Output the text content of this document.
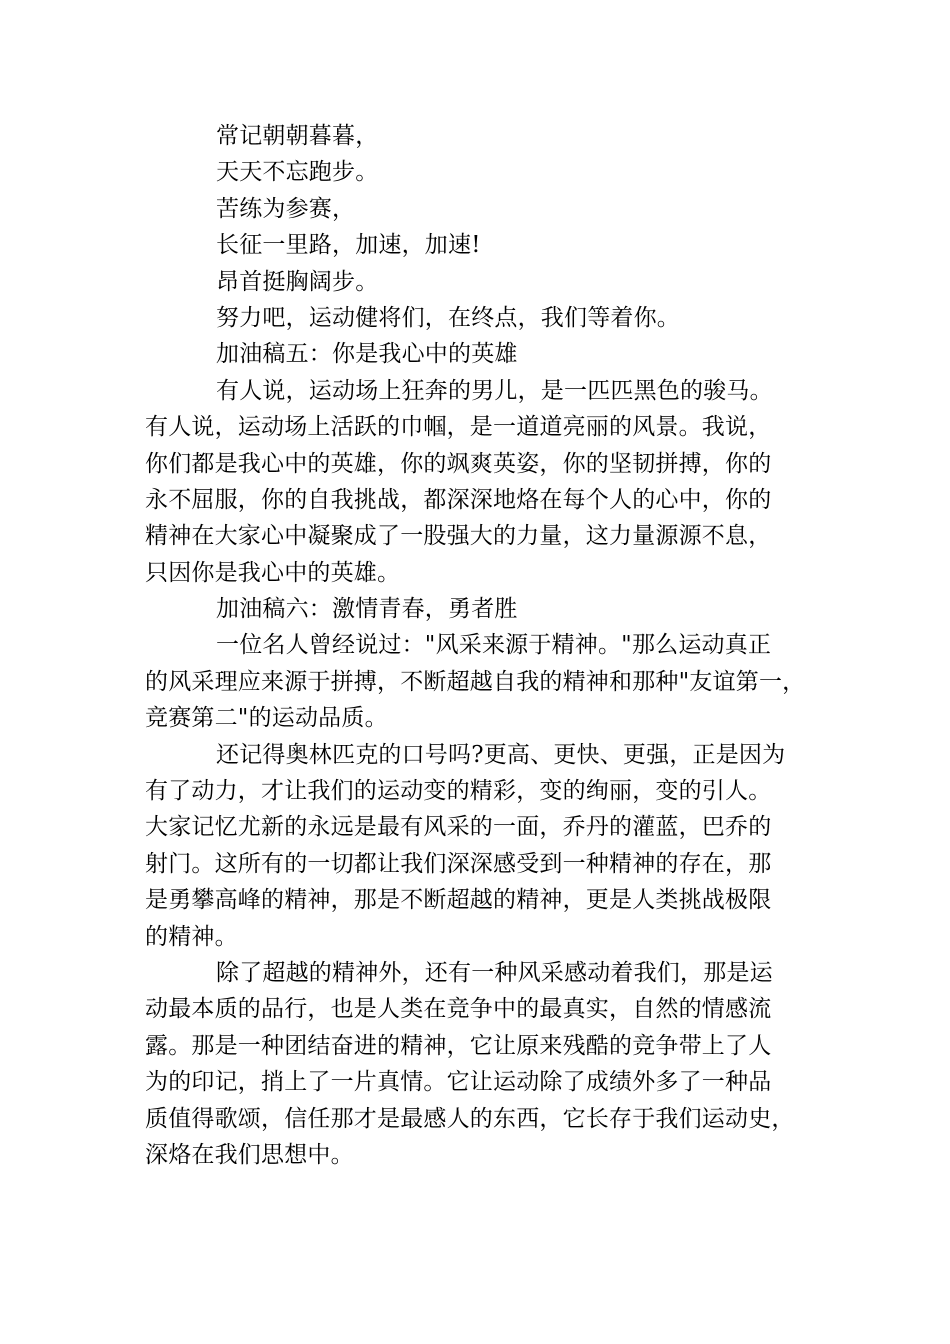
常记朝朝暮暮，
天天不忘跑步。
苦练为参赛，
长征一里路，加速，加速!
昂首挺胸阔步。
努力吧，运动健将们，在终点，我们等着你。
加油稿五：你是我心中的英雄
有人说，运动场上狂奔的男儿，是一匹匹黑色的骏马。
有人说，运动场上活跃的巾帼，是一道道亮丽的风景。我说，
你们都是我心中的英雄，你的飒爽英姿，你的坚韧拼搏，你的
永不屈服，你的自我挑战，都深深地烙在每个人的心中，你的
精神在大家心中凝聚成了一股强大的力量，这力量源源不息，
只因你是我心中的英雄。
加油稿六：激情青春，勇者胜
一位名人曾经说过："风采来源于精神。"那么运动真正
的风采理应来源于拼搏，不断超越自我的精神和那种"友谊第一，
竞赛第二"的运动品质。
还记得奥林匹克的口号吗?更高、更快、更强，正是因为
有了动力，才让我们的运动变的精彩，变的绚丽，变的引人。
大家记忆尤新的永远是最有风采的一面，乔丹的灌蓝，巴乔的
射门。这所有的一切都让我们深深感受到一种精神的存在，那
是勇攀高峰的精神，那是不断超越的精神，更是人类挑战极限
的精神。
除了超越的精神外，还有一种风采感动着我们，那是运
动最本质的品行，也是人类在竞争中的最真实，自然的情感流
露。那是一种团结奋进的精神，它让原来残酷的竞争带上了人
为的印记，捎上了一片真情。它让运动除了成绩外多了一种品
质值得歌颂，信任那才是最感人的东西，它长存于我们运动史，
深烙在我们思想中。
